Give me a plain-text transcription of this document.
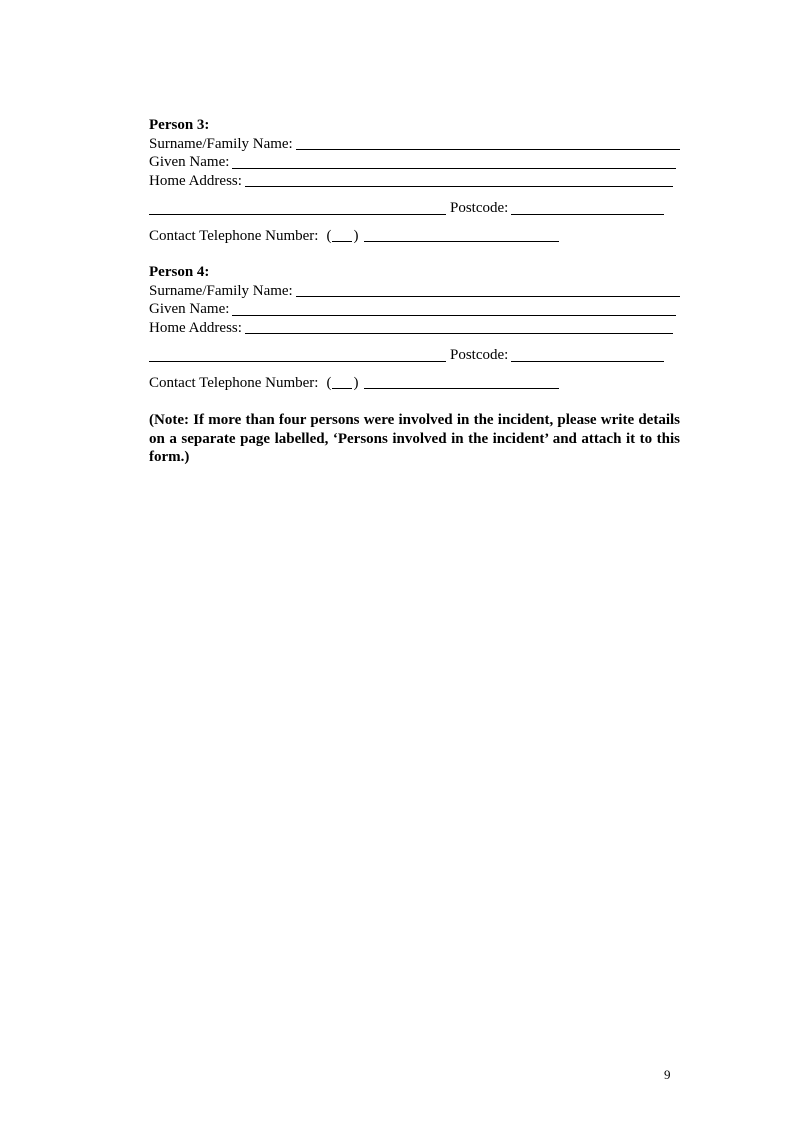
Person 3:
Surname/Family Name:
Given Name:
Home Address:
Postcode:
Contact Telephone Number: ( )
Person 4:
Surname/Family Name:
Given Name:
Home Address:
Postcode:
Contact Telephone Number: ( )

(Note: If more than four persons were involved in the incident, please write details on a separate page labelled, ‘Persons involved in the incident’ and attach it to this form.)

9
